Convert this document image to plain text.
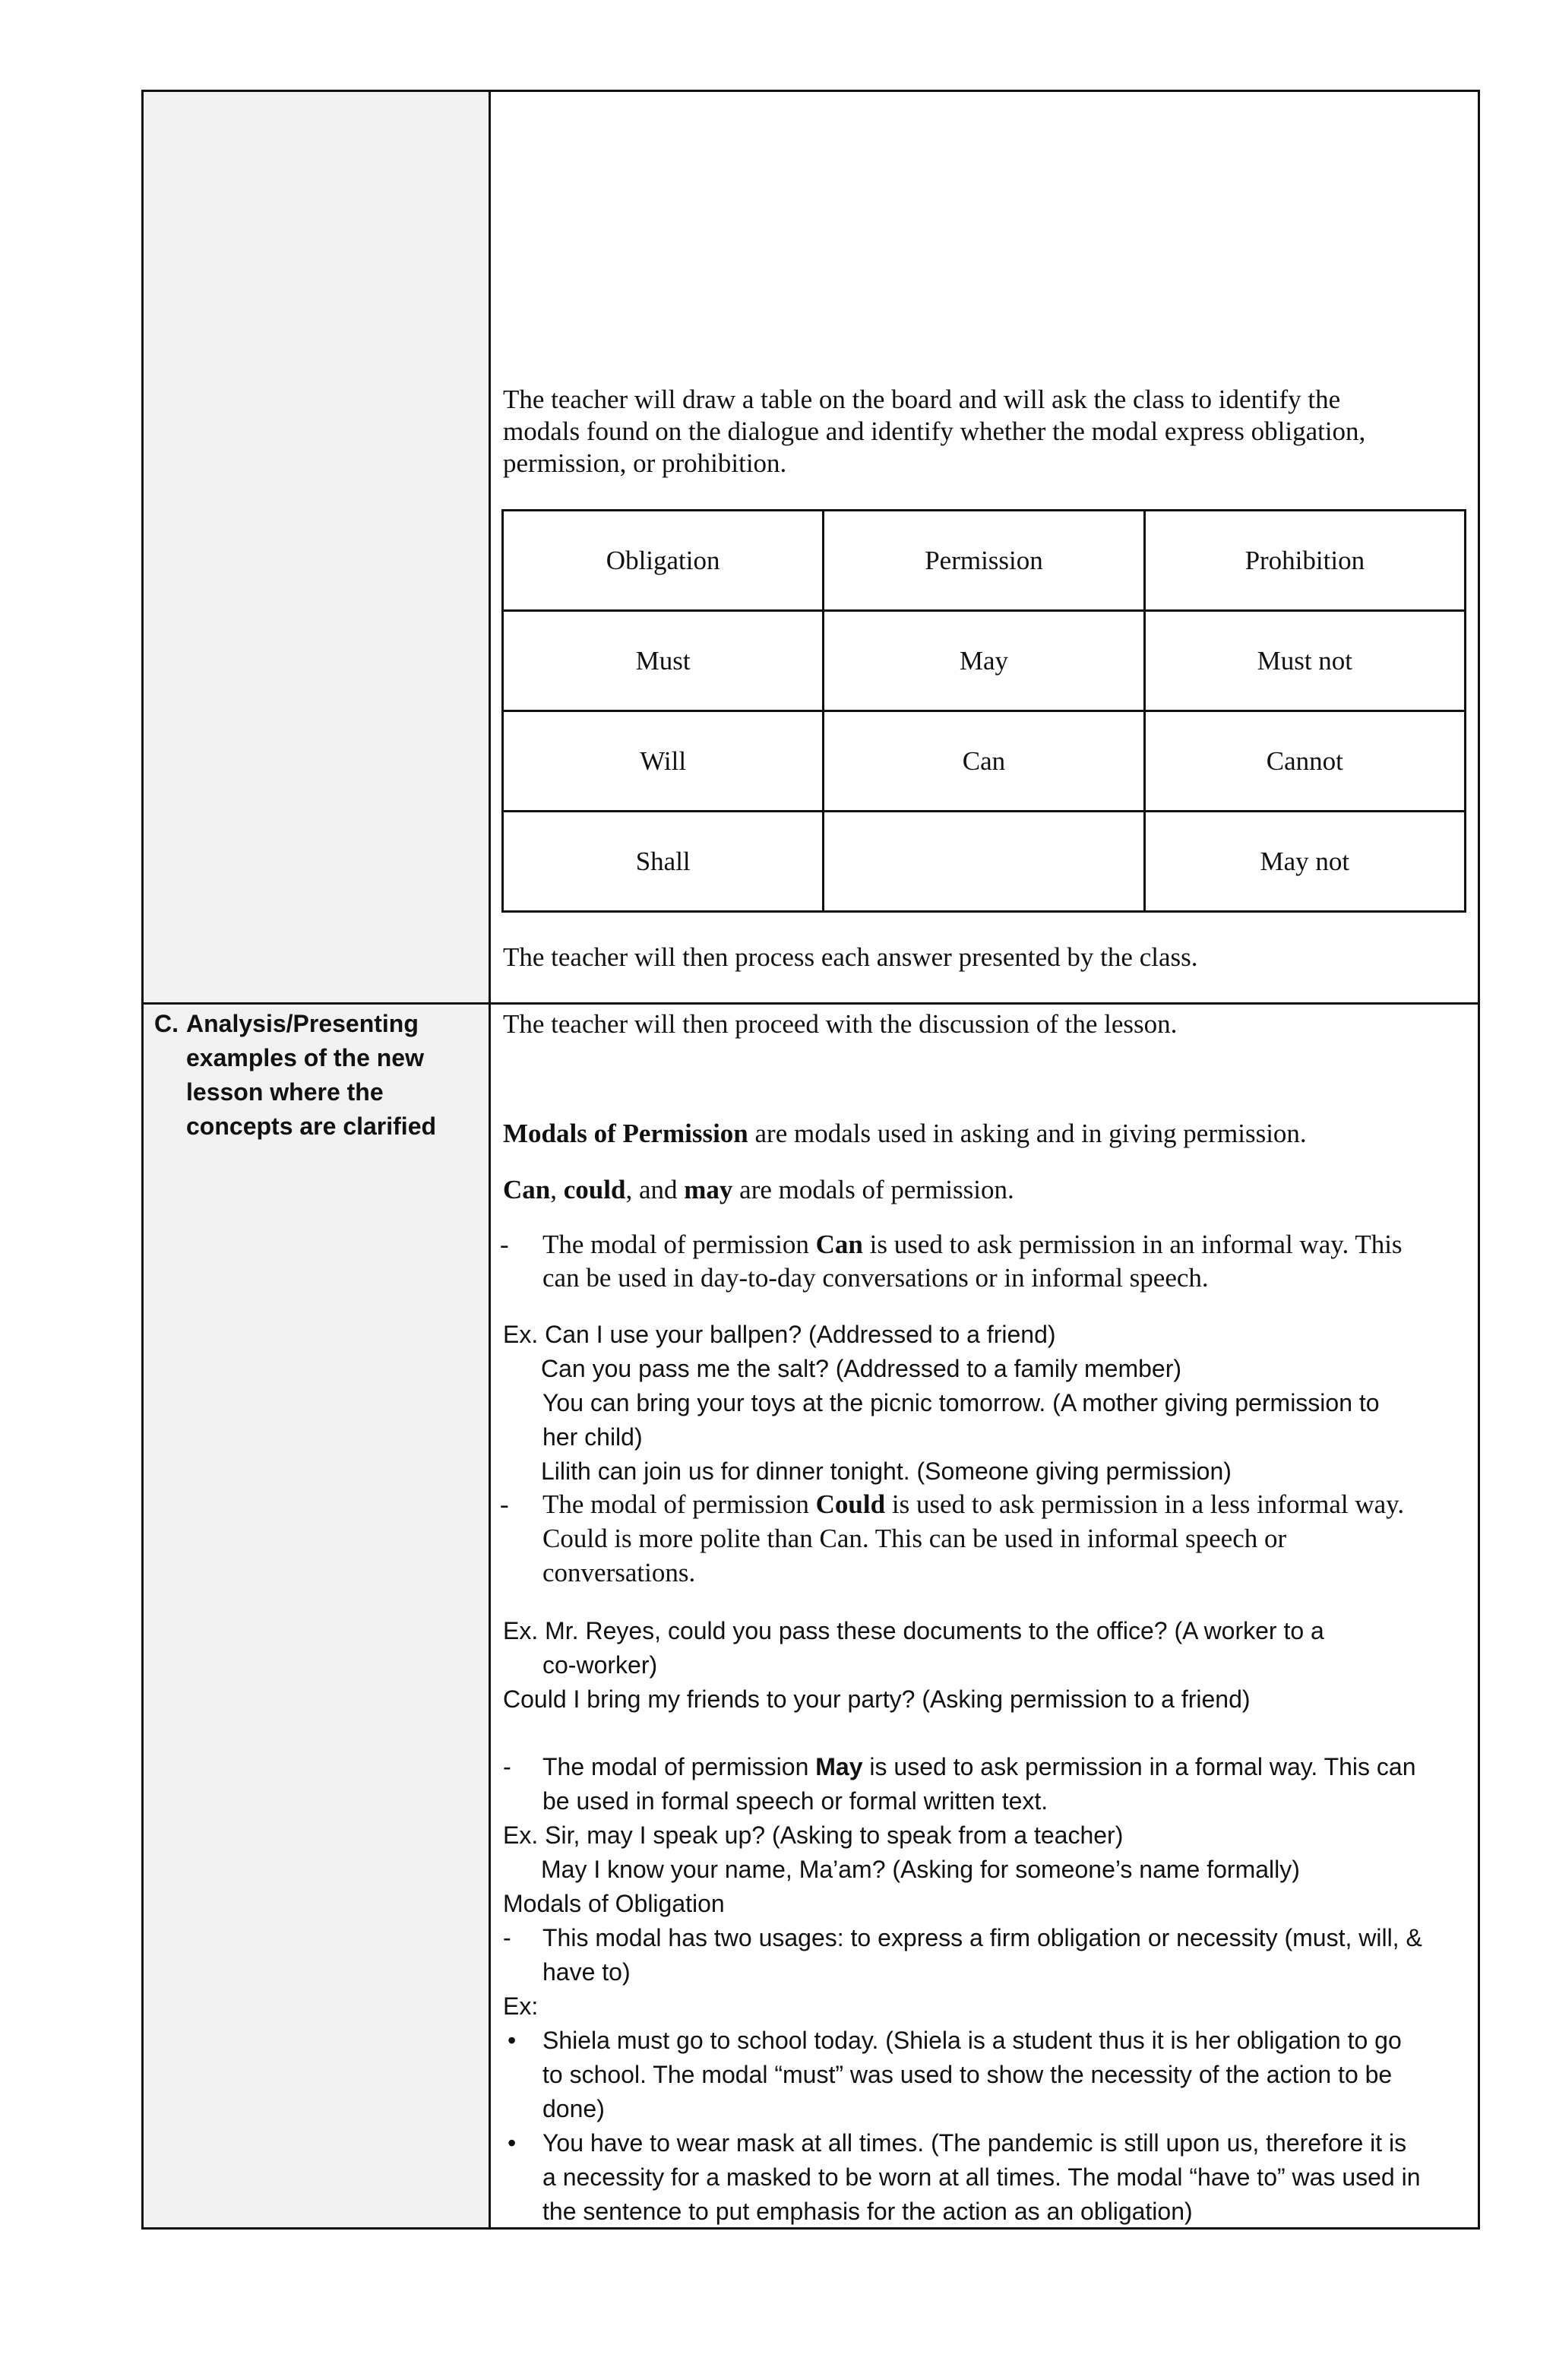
The teacher will draw a table on the board and will ask the class to identify the
modals found on the dialogue and identify whether the modal express obligation,
permission, or prohibition.
Obligation	Permission	Prohibition
Must	May	Must not
Will	Can	Cannot
Shall		May not
The teacher will then process each answer presented by the class.
C. Analysis/Presenting
examples of the new
lesson where the
concepts are clarified
The teacher will then proceed with the discussion of the lesson.
Modals of Permission are modals used in asking and in giving permission.
Can, could, and may are modals of permission.
- The modal of permission Can is used to ask permission in an informal way. This
can be used in day-to-day conversations or in informal speech.
Ex. Can I use your ballpen? (Addressed to a friend)
Can you pass me the salt? (Addressed to a family member)
You can bring your toys at the picnic tomorrow. (A mother giving permission to
her child)
Lilith can join us for dinner tonight. (Someone giving permission)
- The modal of permission Could is used to ask permission in a less informal way.
Could is more polite than Can. This can be used in informal speech or
conversations.
Ex. Mr. Reyes, could you pass these documents to the office? (A worker to a
co-worker)
Could I bring my friends to your party? (Asking permission to a friend)
- The modal of permission May is used to ask permission in a formal way. This can
be used in formal speech or formal written text.
Ex. Sir, may I speak up? (Asking to speak from a teacher)
May I know your name, Ma’am? (Asking for someone’s name formally)
Modals of Obligation
- This modal has two usages: to express a firm obligation or necessity (must, will, &
have to)
Ex:
• Shiela must go to school today. (Shiela is a student thus it is her obligation to go
to school. The modal “must” was used to show the necessity of the action to be
done)
• You have to wear mask at all times. (The pandemic is still upon us, therefore it is
a necessity for a masked to be worn at all times. The modal “have to” was used in
the sentence to put emphasis for the action as an obligation)
